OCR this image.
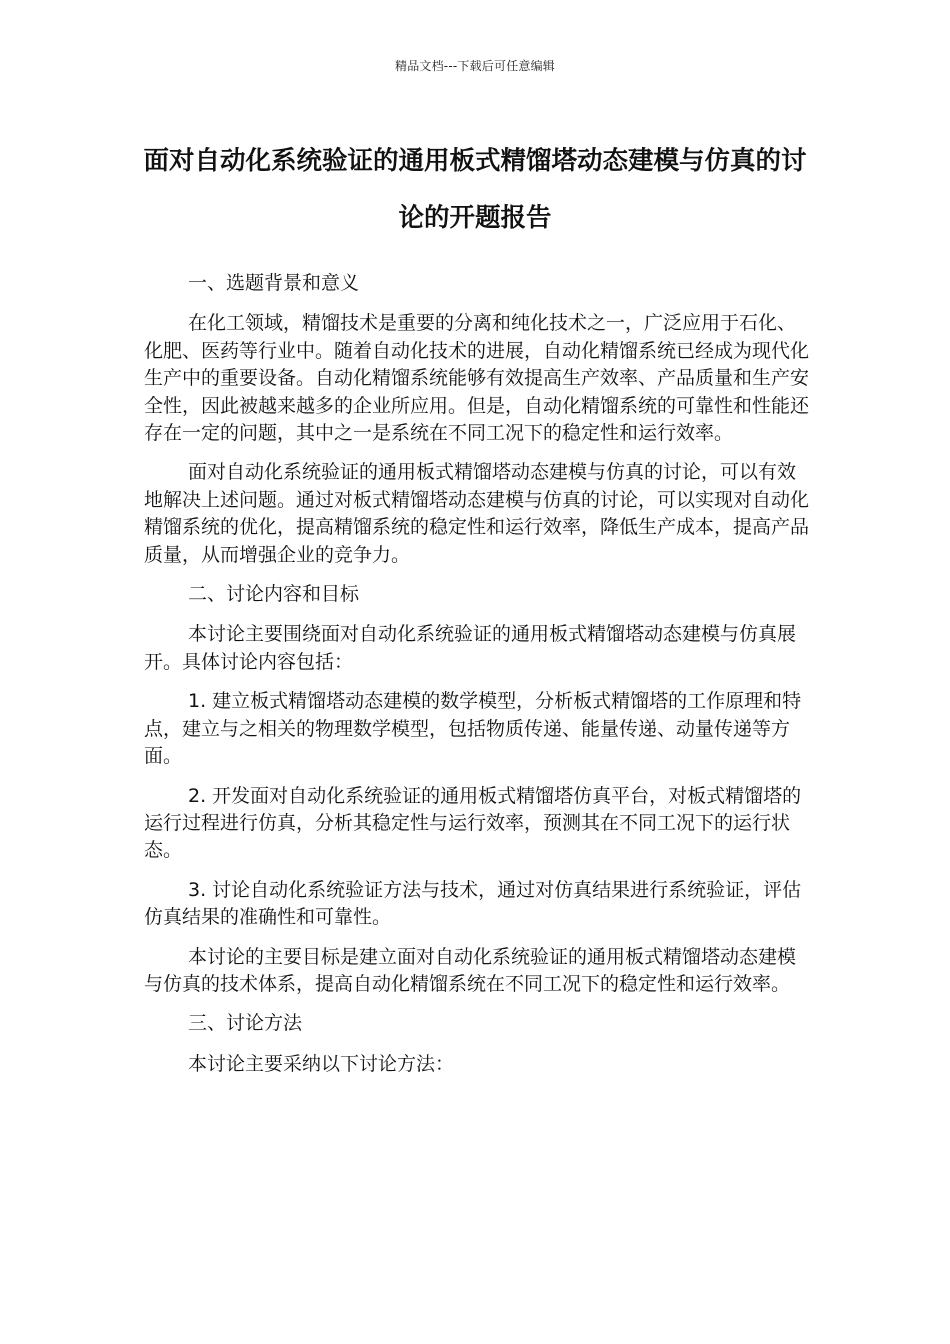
精品文档---下载后可任意编辑
面对自动化系统验证的通用板式精馏塔动态建模与仿真的讨论的开题报告

一、选题背景和意义

在化工领域，精馏技术是重要的分离和纯化技术之一，广泛应用于石化、化肥、医药等行业中。随着自动化技术的进展，自动化精馏系统已经成为现代化生产中的重要设备。自动化精馏系统能够有效提高生产效率、产品质量和生产安全性，因此被越来越多的企业所应用。但是，自动化精馏系统的可靠性和性能还存在一定的问题，其中之一是系统在不同工况下的稳定性和运行效率。

面对自动化系统验证的通用板式精馏塔动态建模与仿真的讨论，可以有效地解决上述问题。通过对板式精馏塔动态建模与仿真的讨论，可以实现对自动化精馏系统的优化，提高精馏系统的稳定性和运行效率，降低生产成本，提高产品质量，从而增强企业的竞争力。

二、讨论内容和目标

本讨论主要围绕面对自动化系统验证的通用板式精馏塔动态建模与仿真展开。具体讨论内容包括：

1. 建立板式精馏塔动态建模的数学模型，分析板式精馏塔的工作原理和特点，建立与之相关的物理数学模型，包括物质传递、能量传递、动量传递等方面。

2. 开发面对自动化系统验证的通用板式精馏塔仿真平台，对板式精馏塔的运行过程进行仿真，分析其稳定性与运行效率，预测其在不同工况下的运行状态。

3. 讨论自动化系统验证方法与技术，通过对仿真结果进行系统验证，评估仿真结果的准确性和可靠性。

本讨论的主要目标是建立面对自动化系统验证的通用板式精馏塔动态建模与仿真的技术体系，提高自动化精馏系统在不同工况下的稳定性和运行效率。

三、讨论方法

本讨论主要采纳以下讨论方法：
